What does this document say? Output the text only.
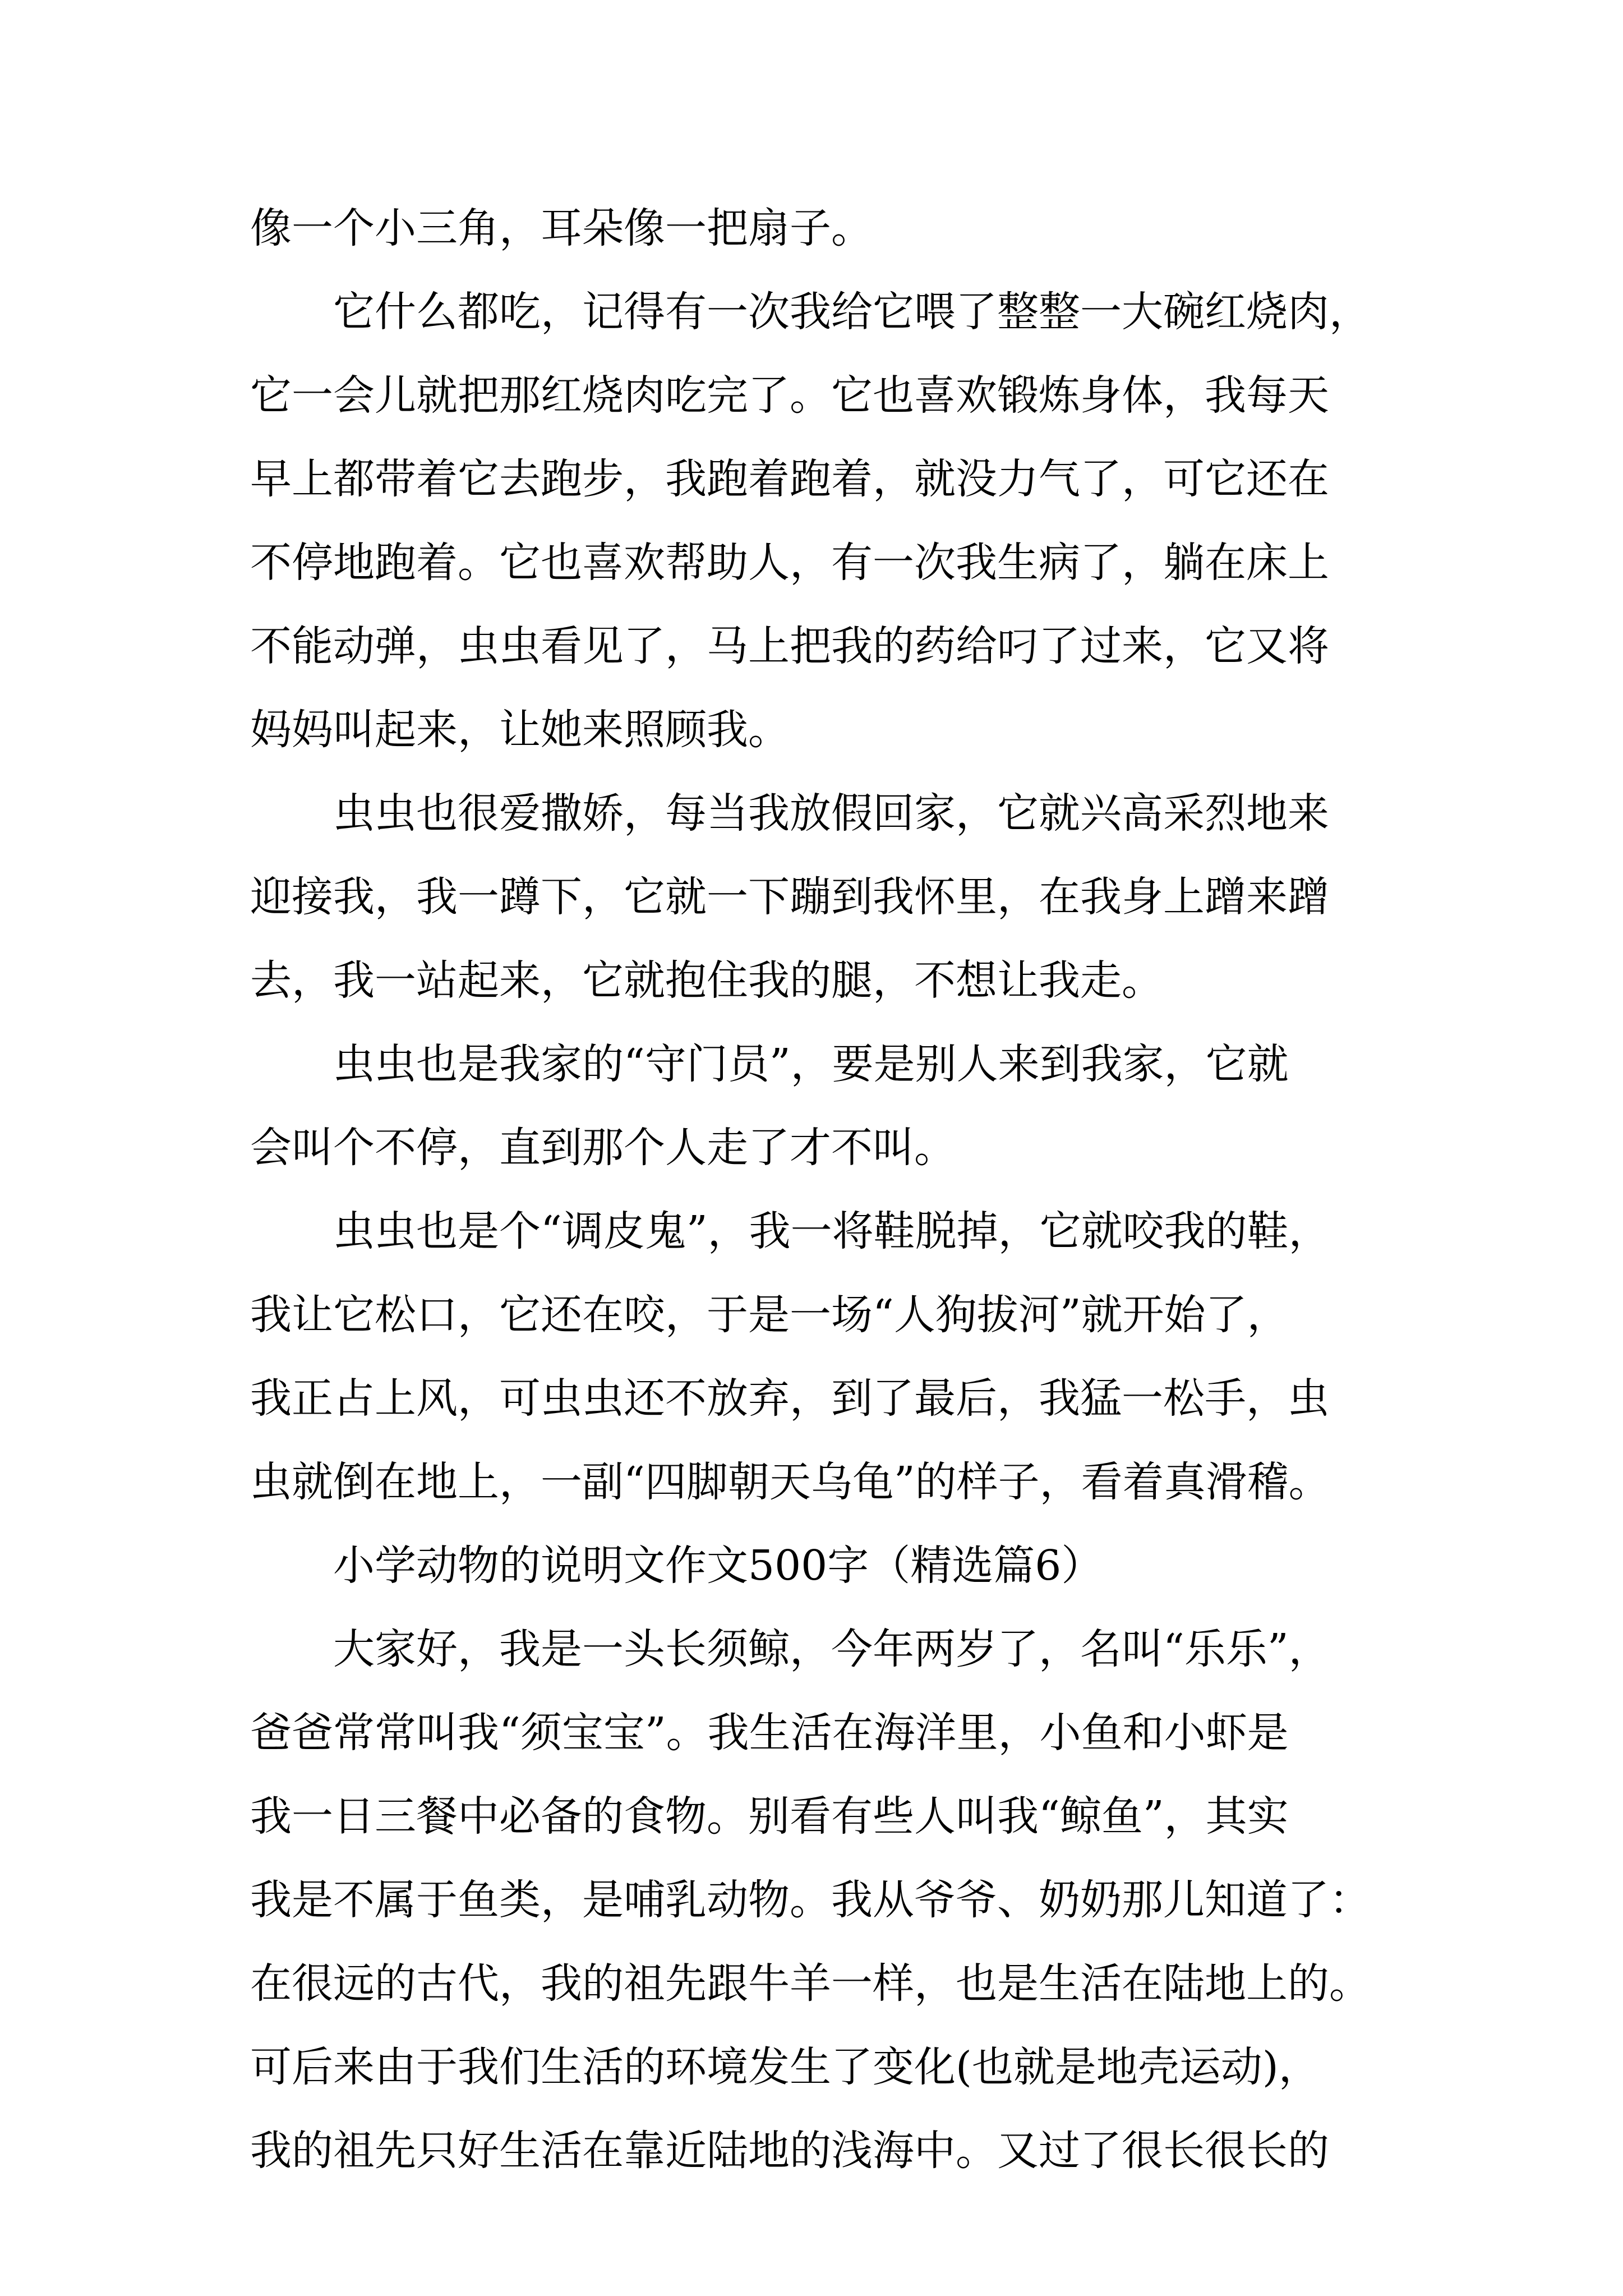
像一个小三角，耳朵像一把扇子。
它什么都吃，记得有一次我给它喂了整整一大碗红烧肉，
它一会儿就把那红烧肉吃完了。它也喜欢锻炼身体，我每天
早上都带着它去跑步，我跑着跑着，就没力气了，可它还在
不停地跑着。它也喜欢帮助人，有一次我生病了，躺在床上
不能动弹，虫虫看见了，马上把我的药给叼了过来，它又将
妈妈叫起来，让她来照顾我。
虫虫也很爱撒娇，每当我放假回家，它就兴高采烈地来
迎接我，我一蹲下，它就一下蹦到我怀里，在我身上蹭来蹭
去，我一站起来，它就抱住我的腿，不想让我走。
虫虫也是我家的“守门员”，要是别人来到我家，它就
会叫个不停，直到那个人走了才不叫。
虫虫也是个“调皮鬼”，我一将鞋脱掉，它就咬我的鞋，
我让它松口，它还在咬，于是一场“人狗拔河”就开始了，
我正占上风，可虫虫还不放弃，到了最后，我猛一松手，虫
虫就倒在地上，一副“四脚朝天乌龟”的样子，看着真滑稽。
小学动物的说明文作文500字（精选篇6）
大家好，我是一头长须鲸，今年两岁了，名叫“乐乐”，
爸爸常常叫我“须宝宝”。我生活在海洋里，小鱼和小虾是
我一日三餐中必备的食物。别看有些人叫我“鲸鱼”，其实
我是不属于鱼类，是哺乳动物。我从爷爷、奶奶那儿知道了：
在很远的古代，我的祖先跟牛羊一样，也是生活在陆地上的。
可后来由于我们生活的环境发生了变化(也就是地壳运动)，
我的祖先只好生活在靠近陆地的浅海中。又过了很长很长的
